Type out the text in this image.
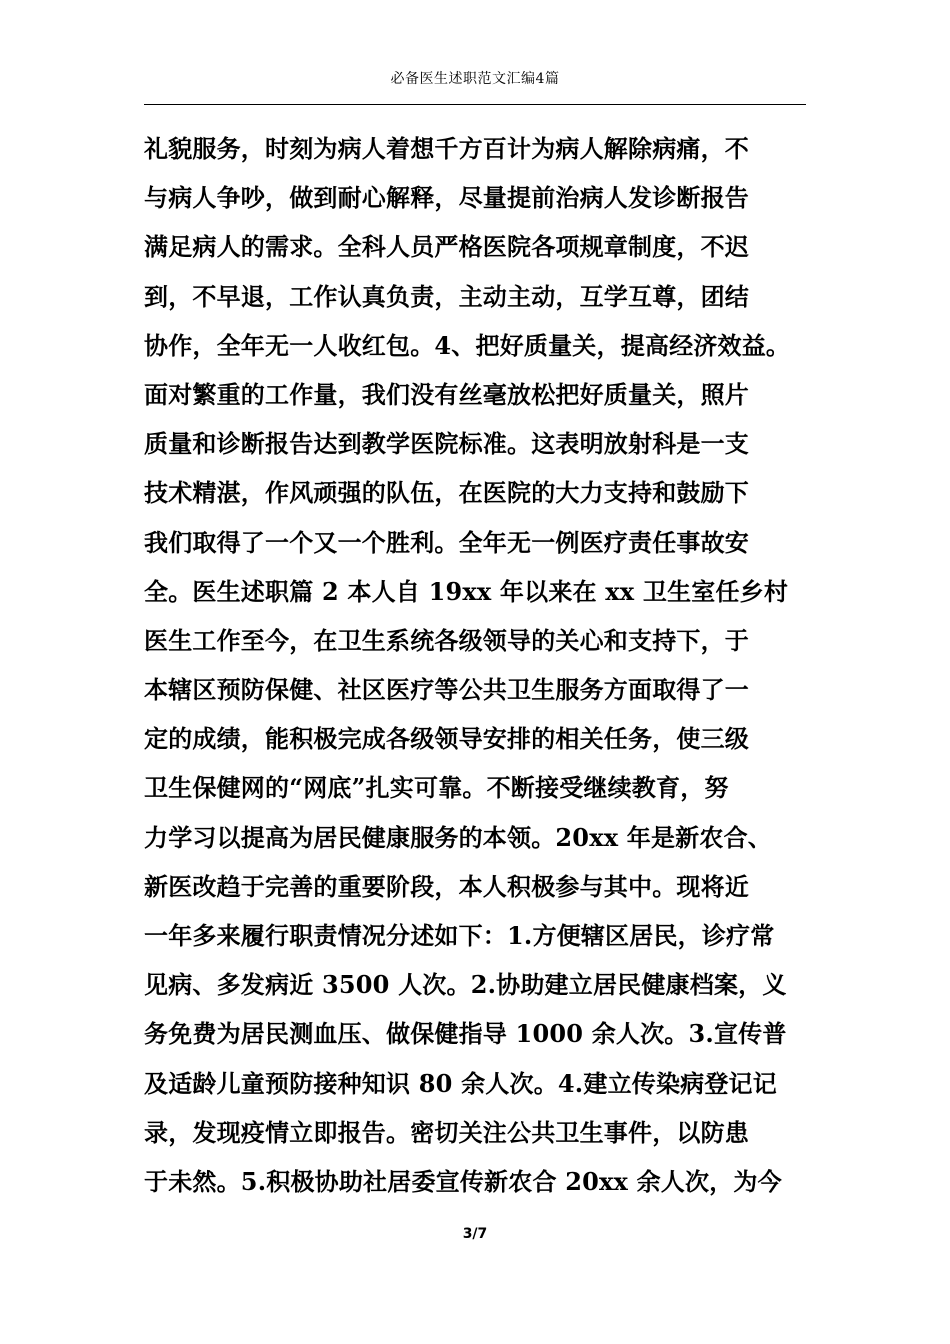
必备医生述职范文汇编4篇
礼貌服务，时刻为病人着想千方百计为病人解除病痛，不
与病人争吵，做到耐心解释，尽量提前治病人发诊断报告
满足病人的需求。全科人员严格医院各项规章制度，不迟
到，不早退，工作认真负责，主动主动，互学互尊，团结
协作，全年无一人收红包。4、把好质量关，提高经济效益。
面对繁重的工作量，我们没有丝毫放松把好质量关，照片
质量和诊断报告达到教学医院标准。这表明放射科是一支
技术精湛，作风顽强的队伍，在医院的大力支持和鼓励下
我们取得了一个又一个胜利。全年无一例医疗责任事故安
全。医生述职篇 2 本人自 19xx 年以来在 xx 卫生室任乡村
医生工作至今，在卫生系统各级领导的关心和支持下，于
本辖区预防保健、社区医疗等公共卫生服务方面取得了一
定的成绩，能积极完成各级领导安排的相关任务，使三级
卫生保健网的“网底”扎实可靠。不断接受继续教育，努
力学习以提高为居民健康服务的本领。20xx 年是新农合、
新医改趋于完善的重要阶段，本人积极参与其中。现将近
一年多来履行职责情况分述如下：1.方便辖区居民，诊疗常
见病、多发病近 3500 人次。2.协助建立居民健康档案，义
务免费为居民测血压、做保健指导 1000 余人次。3.宣传普
及适龄儿童预防接种知识 80 余人次。4.建立传染病登记记
录，发现疫情立即报告。密切关注公共卫生事件，以防患
于未然。5.积极协助社居委宣传新农合 20xx 余人次，为今
3/7
